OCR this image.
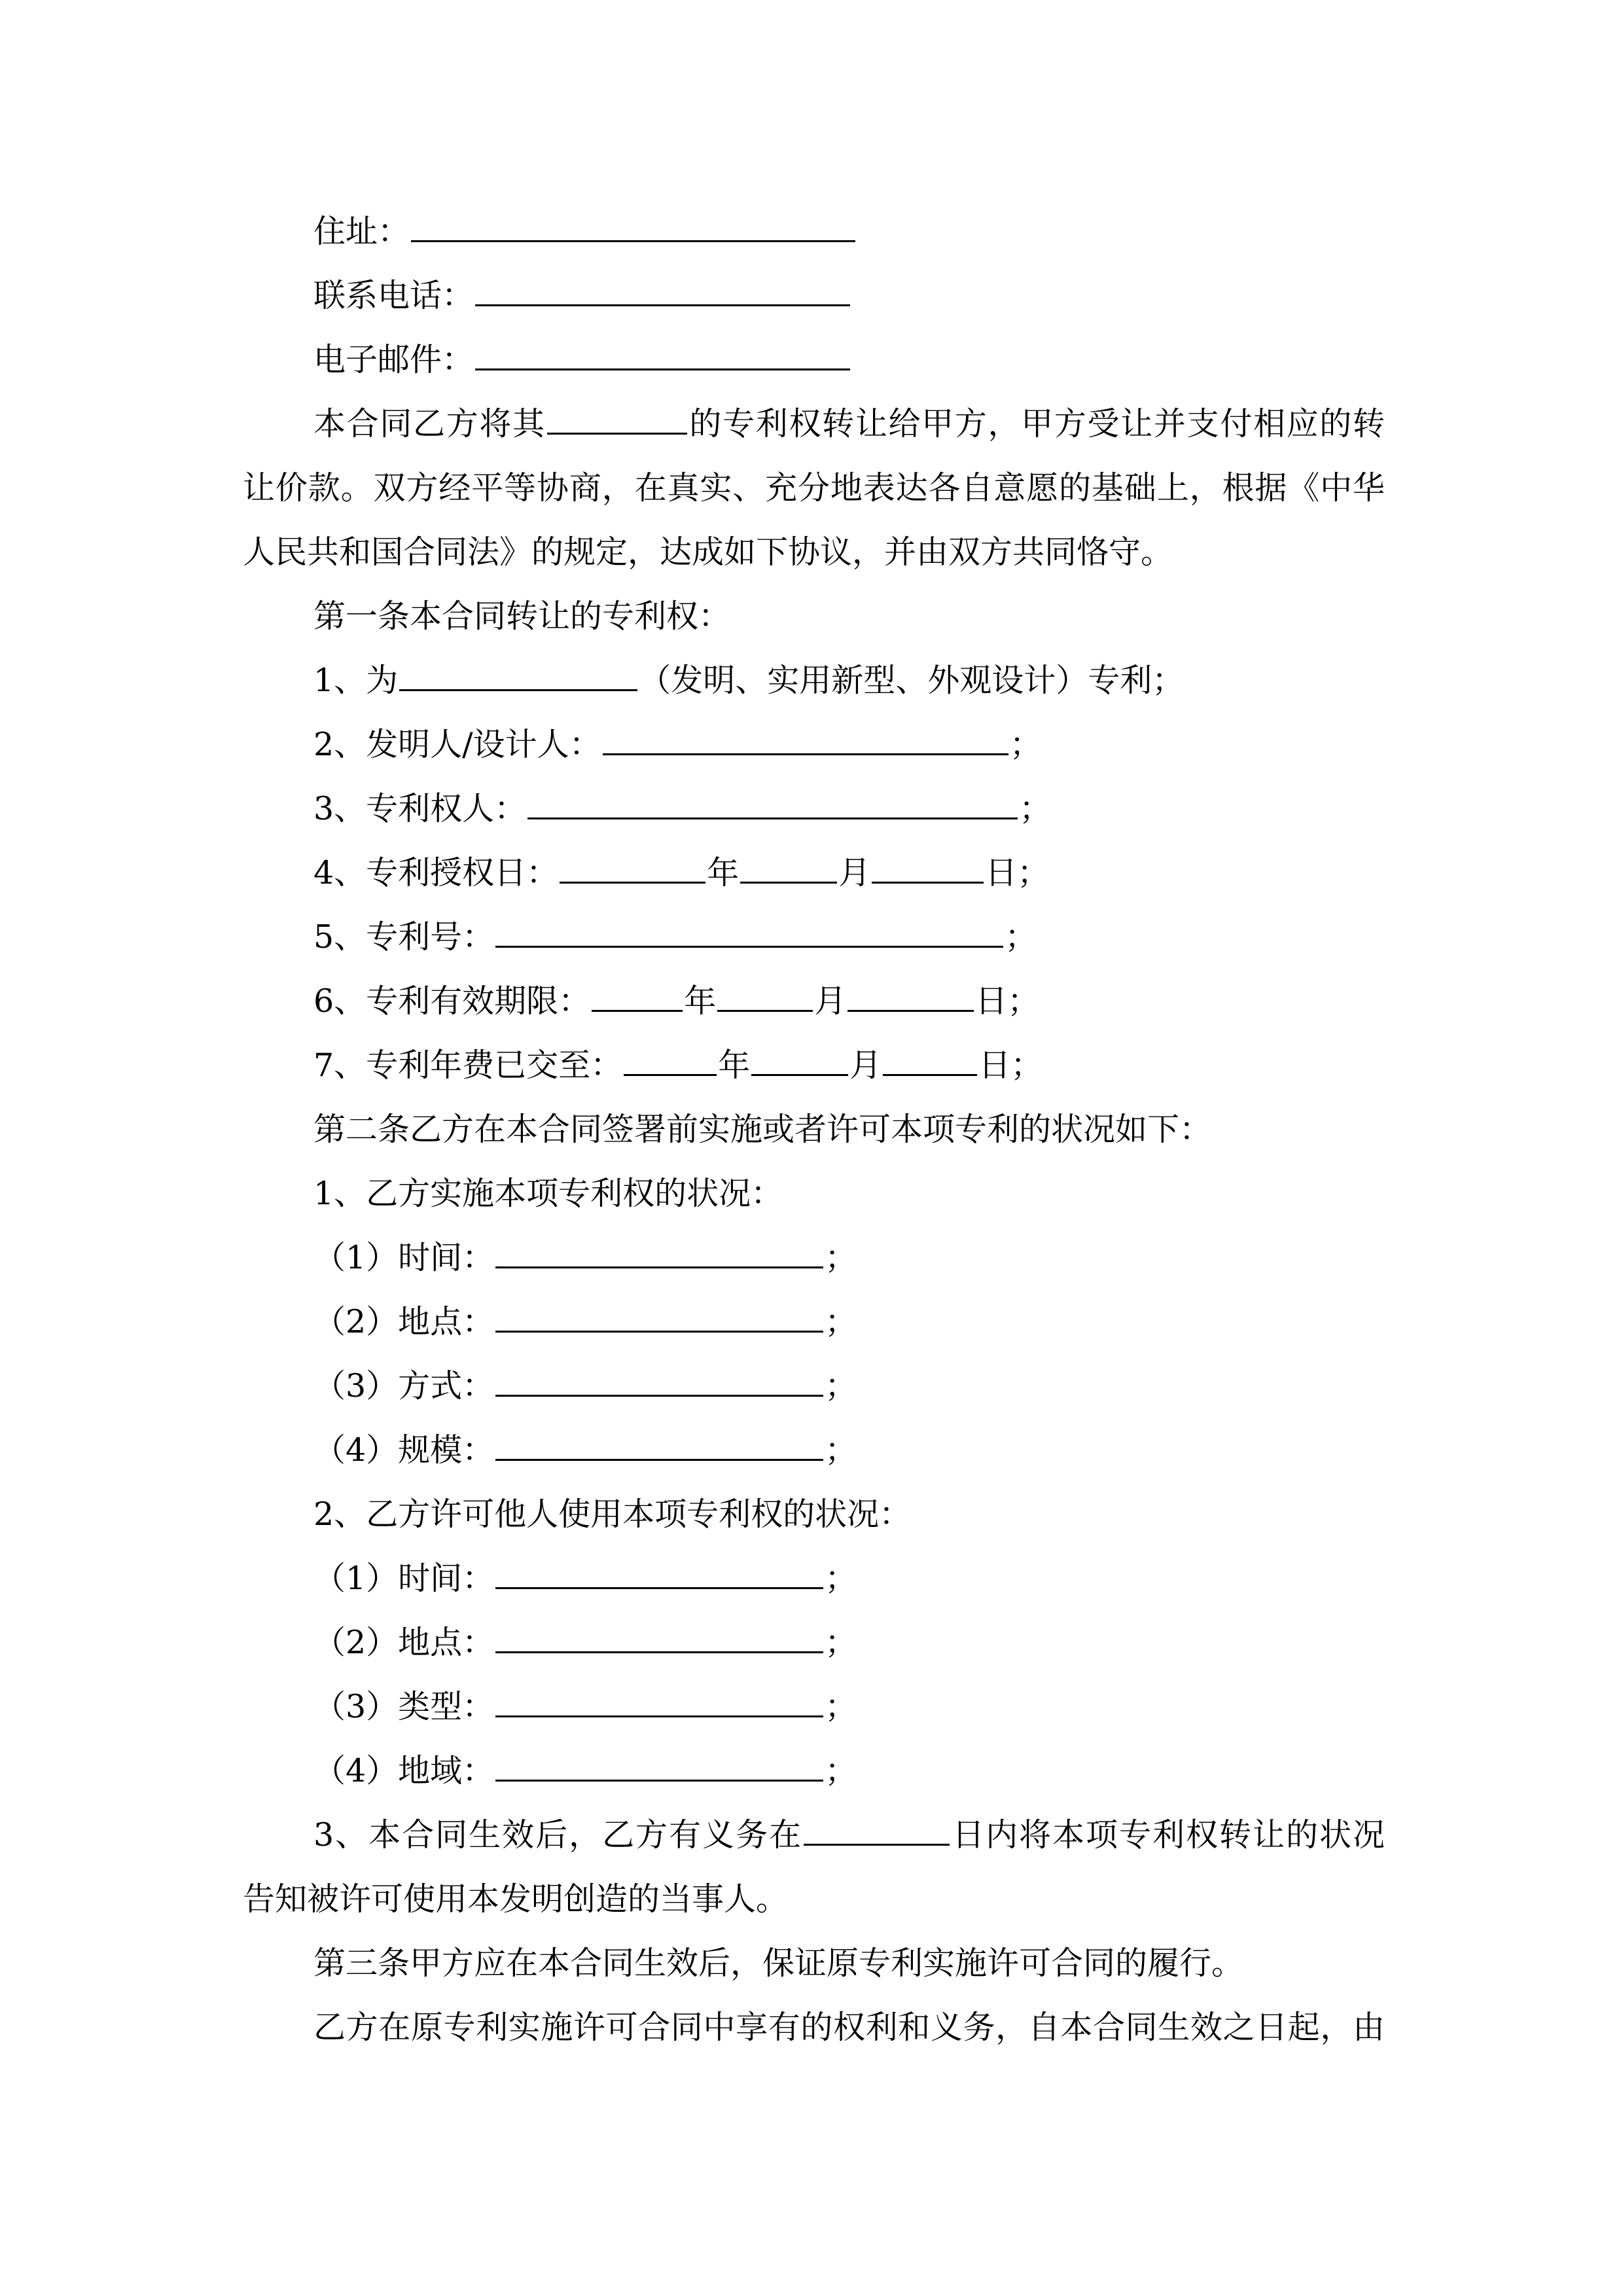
住址：
联系电话：
电子邮件：
本合同乙方将其	的专利权转让给甲方，甲方受让并支付相应的转
让价款。双方经平等协商，在真实、充分地表达各自意愿的基础上，根据《中华
人民共和国合同法》的规定，达成如下协议，并由双方共同恪守。
第一条本合同转让的专利权：
1、为	（发明、实用新型、外观设计）专利；
2、发明人/设计人：	；
3、专利权人：	；
4、专利授权日：	年	月	日；
5、专利号：	；
6、专利有效期限：	年	月	日；
7、专利年费已交至：	年	月	日；
第二条乙方在本合同签署前实施或者许可本项专利的状况如下：
1、乙方实施本项专利权的状况：
（1）时间：	；
（2）地点：	；
（3）方式：	；
（4）规模：	；
2、乙方许可他人使用本项专利权的状况：
（1）时间：	；
（2）地点：	；
（3）类型：	；
（4）地域：	；
3、本合同生效后，乙方有义务在	日内将本项专利权转让的状况
告知被许可使用本发明创造的当事人。
第三条甲方应在本合同生效后，保证原专利实施许可合同的履行。
乙方在原专利实施许可合同中享有的权利和义务，自本合同生效之日起，由
